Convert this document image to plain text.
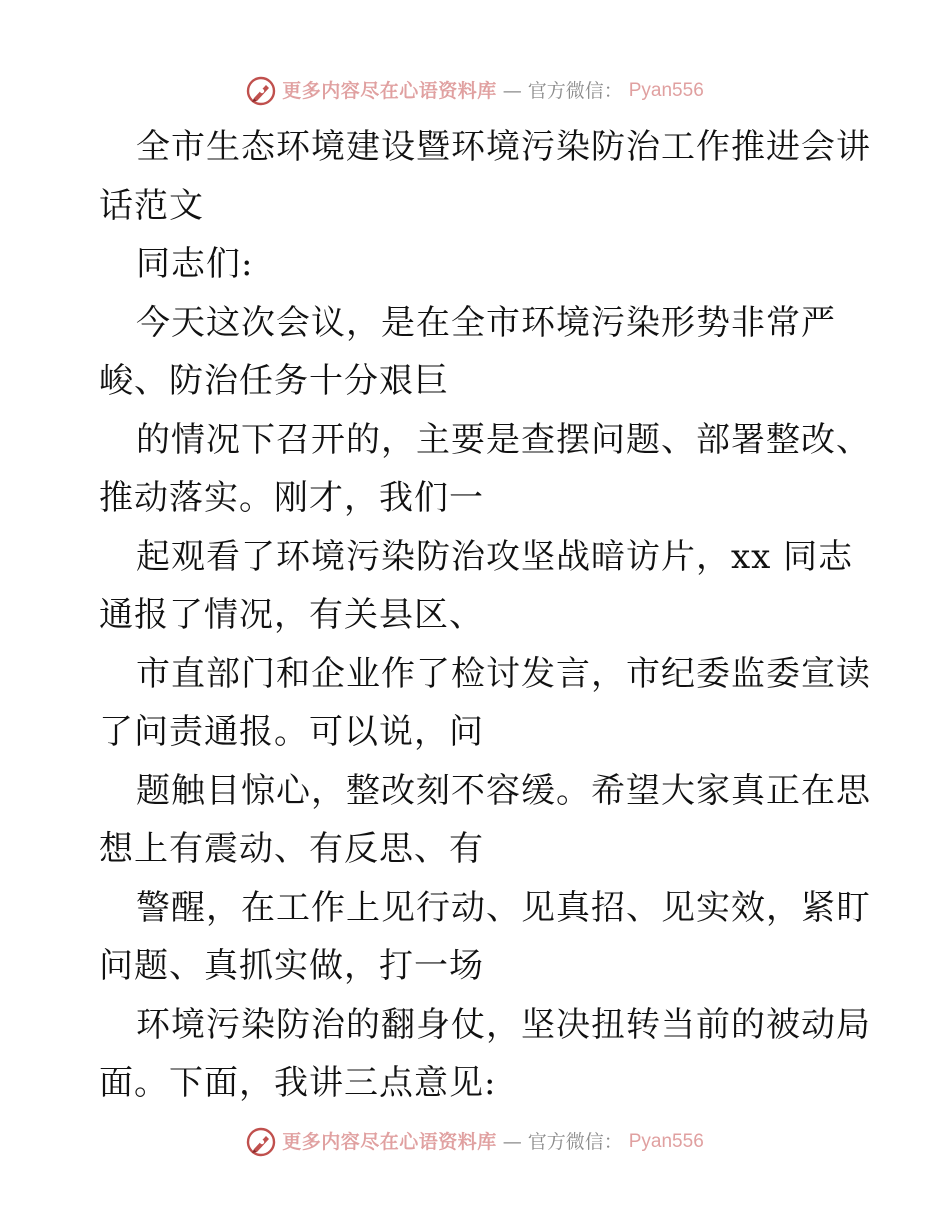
更多内容尽在心语资料库 — 官方微信： Pyan556
全市生态环境建设暨环境污染防治工作推进会讲
话范文
同志们:
今天这次会议，是在全市环境污染形势非常严
峻、防治任务十分艰巨
的情况下召开的，主要是查摆问题、部署整改、
推动落实。刚才，我们一
起观看了环境污染防治攻坚战暗访片，xx 同志
通报了情况，有关县区、
市直部门和企业作了检讨发言，市纪委监委宣读
了问责通报。可以说，问
题触目惊心，整改刻不容缓。希望大家真正在思
想上有震动、有反思、有
警醒，在工作上见行动、见真招、见实效，紧盯
问题、真抓实做，打一场
环境污染防治的翻身仗，坚决扭转当前的被动局
面。下面，我讲三点意见:
更多内容尽在心语资料库 — 官方微信： Pyan556
